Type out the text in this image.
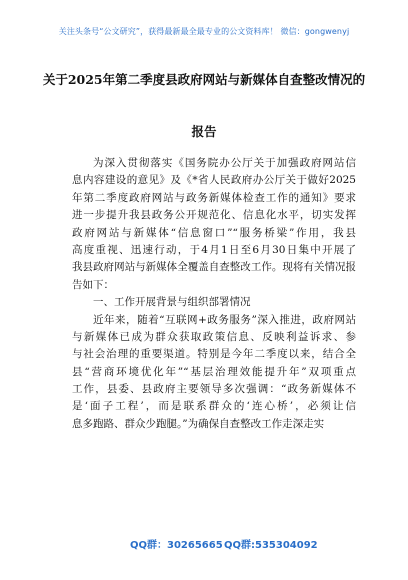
关注头条号“公文研究”，获得最新最全最专业的公文资料库！ 微信：gongwenyj
关于2025年第二季度县政府网站与新媒体自查整改情况的
报告
为深入贯彻落实《国务院办公厅关于加强政府网站信
息内容建设的意见》及《*省人民政府办公厅关于做好2025
年第二季度政府网站与政务新媒体检查工作的通知》要求
进一步提升我县政务公开规范化、信息化水平，切实发挥
政府网站与新媒体“信息窗口”“服务桥梁”作用，我县
高度重视、迅速行动，于4月1日至6月30日集中开展了
我县政府网站与新媒体全覆盖自查整改工作。现将有关情况报
告如下：
一、工作开展背景与组织部署情况
近年来，随着“互联网+政务服务”深入推进，政府网站
与新媒体已成为群众获取政策信息、反映利益诉求、参
与社会治理的重要渠道。特别是今年二季度以来，结合全
县“营商环境优化年”“基层治理效能提升年”双项重点
工作，县委、县政府主要领导多次强调：“政务新媒体不
是‘面子工程’，而是联系群众的‘连心桥’，必须让信
息多跑路、群众少跑腿。”为确保自查整改工作走深走实
QQ群：30265665 QQ群:535304092
